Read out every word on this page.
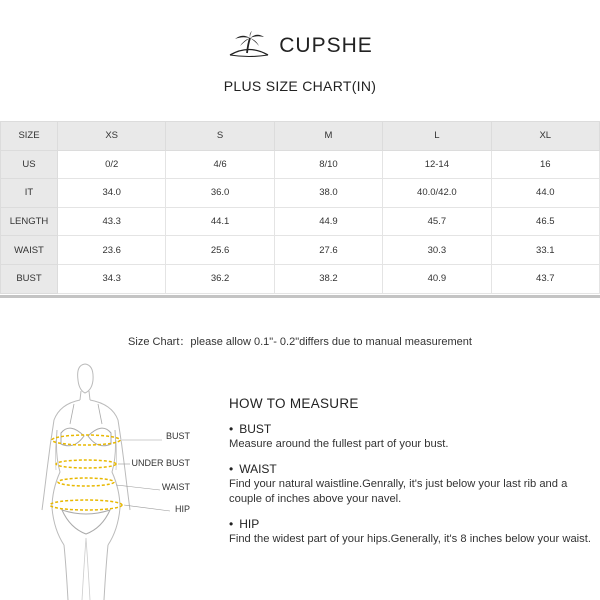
CUPSHE
PLUS SIZE CHART(IN)
SIZE	XS	S	M	L	XL
US	0/2	4/6	8/10	12-14	16
IT	34.0	36.0	38.0	40.0/42.0	44.0
LENGTH	43.3	44.1	44.9	45.7	46.5
WAIST	23.6	25.6	27.6	30.3	33.1
BUST	34.3	36.2	38.2	40.9	43.7
Size Chart：please allow 0.1"- 0.2"differs due to manual measurement
BUST
UNDER BUST
WAIST
HIP
HOW TO MEASURE
• BUST
Measure around the fullest part of your bust.
• WAIST
Find your natural waistline.Genrally, it's just below your last rib and a couple of inches above your navel.
• HIP
Find the widest part of your hips.Generally, it's 8 inches below your waist.
